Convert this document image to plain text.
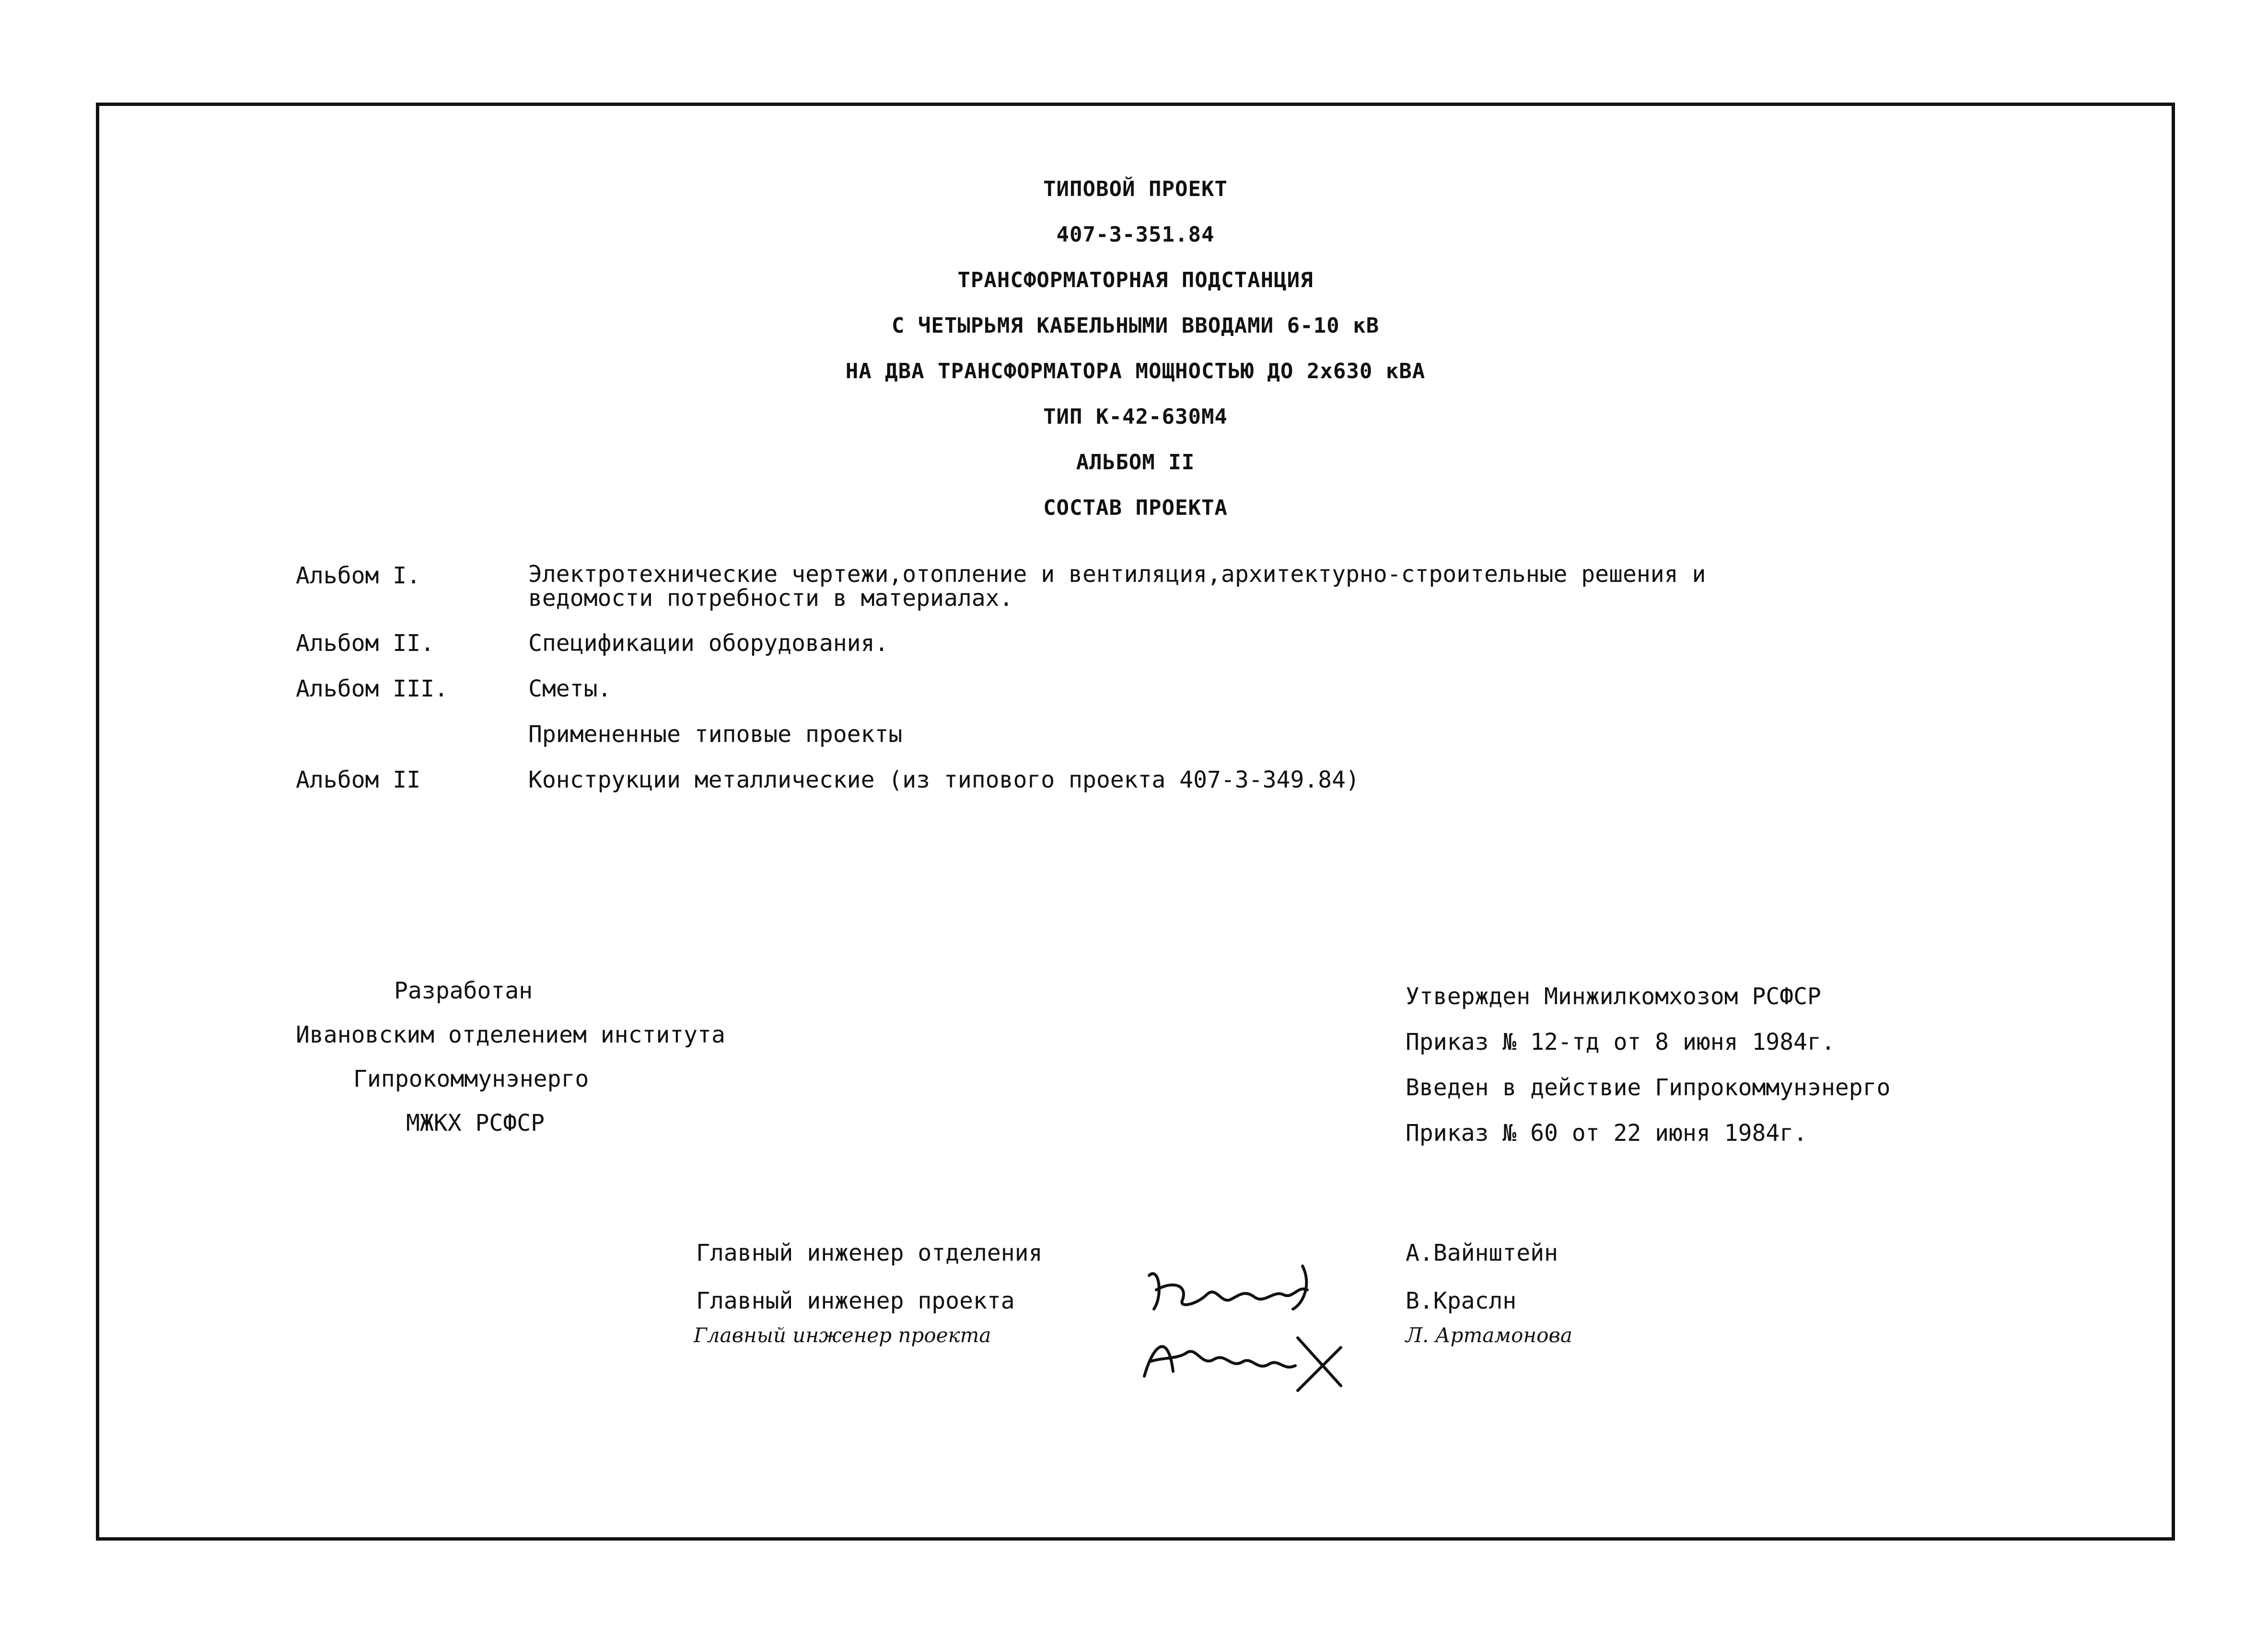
ТИПОВОЙ ПРОЕКТ
407-3-351.84
ТРАНСФОРМАТОРНАЯ ПОДСТАНЦИЯ
С ЧЕТЫРЬМЯ КАБЕЛЬНЫМИ ВВОДАМИ 6-10 кВ
НА ДВА ТРАНСФОРМАТОРА МОЩНОСТЬЮ ДО 2х630 кВА
ТИП К-42-630М4
АЛЬБОМ II
СОСТАВ ПРОЕКТА
Альбом I.	Электротехнические чертежи,отопление и вентиляция,архитектурно-строительные решения и ведомости потребности в материалах.
Альбом II.	Спецификации оборудования.
Альбом III.	Сметы.
Примененные типовые проекты
Альбом II	Конструкции металлические (из типового проекта 407-3-349.84)
Разработан
Ивановским отделением института
Гипрокоммунэнерго
МЖКХ РСФСР
Утвержден Минжилкомхозом РСФСР
Приказ № 12-тд от 8 июня 1984г.
Введен в действие Гипрокоммунэнерго
Приказ № 60 от 22 июня 1984г.
Главный инженер отделения	А.Вайнштейн
Главный инженер проекта	В.Краслн
Главный инженер проекта	Л. Артамонова
